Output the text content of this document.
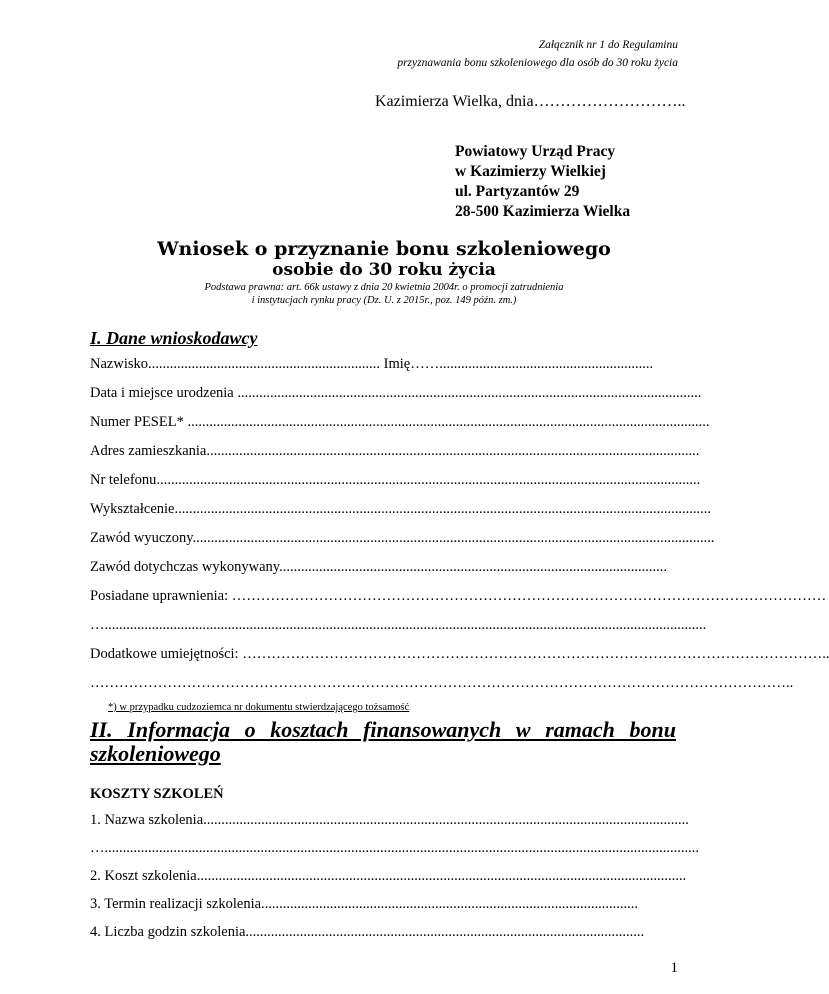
Załącznik nr 1 do Regulaminu
przyznawania bonu szkoleniowego dla osób do 30 roku życia
Kazimierza Wielka, dnia………………………..
Powiatowy Urząd Pracy
w Kazimierzy Wielkiej
ul. Partyzantów 29
28-500 Kazimierza Wielka
Wniosek o przyznanie bonu szkoleniowego
osobie do 30 roku życia
Podstawa prawna: art. 66k ustawy z dnia 20 kwietnia 2004r. o promocji zatrudnienia
i instytucjach rynku pracy (Dz. U. z 2015r., poz. 149 późn. zm.)
I. Dane wnioskodawcy
Nazwisko................................................................ Imię……...........................................................
Data i miejsce urodzenia ................................................................................................................................
Numer PESEL* ................................................................................................................................................
Adres zamieszkania........................................................................................................................................
Nr telefonu......................................................................................................................................................
Wykształcenie....................................................................................................................................................
Zawód wyuczony................................................................................................................................................
Zawód dotychczas wykonywany...........................................................................................................
Posiadane uprawnienia: ……………………………………………………………………………………………………………
…......................................................................................................................................................................
Dodatkowe umiejętności: …………………………………………………………………………………………………………..
………………………………………………………………………………………………………………………………..
*) w przypadku cudzoziemca nr dokumentu stwierdzającego tożsamość
II. Informacja o kosztach finansowanych w ramach bonu
szkoleniowego
KOSZTY SZKOLEŃ
1. Nazwa szkolenia......................................................................................................................................
…....................................................................................................................................................................
2. Koszt szkolenia.......................................................................................................................................
3. Termin realizacji szkolenia........................................................................................................
4. Liczba godzin szkolenia..............................................................................................................
1
